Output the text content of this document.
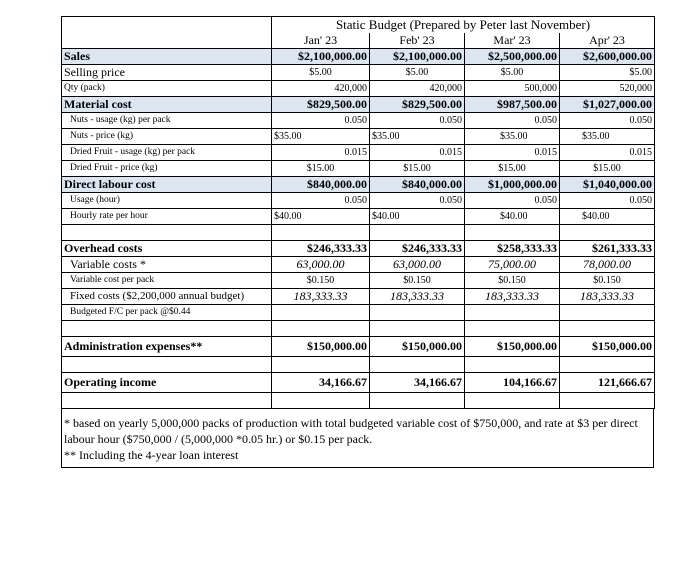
	Static Budget (Prepared by Peter last November)			
	Jan' 23	Feb' 23	Mar' 23	Apr' 23
Sales	$2,100,000.00	$2,100,000.00	$2,500,000.00	$2,600,000.00
Selling price	$5.00	$5.00	$5.00	$5.00
Qty (pack)	420,000	420,000	500,000	520,000
Material cost	$829,500.00	$829,500.00	$987,500.00	$1,027,000.00
Nuts - usage (kg) per pack	0.050	0.050	0.050	0.050
Nuts - price (kg)	$35.00	$35.00	$35.00	$35.00
Dried Fruit - usage (kg) per pack	0.015	0.015	0.015	0.015
Dried Fruit - price (kg)	$15.00	$15.00	$15.00	$15.00
Direct labour cost	$840,000.00	$840,000.00	$1,000,000.00	$1,040,000.00
Usage (hour)	0.050	0.050	0.050	0.050
Hourly rate per hour	$40.00	$40.00	$40.00	$40.00

Overhead costs	$246,333.33	$246,333.33	$258,333.33	$261,333.33
Variable costs *	63,000.00	63,000.00	75,000.00	78,000.00
Variable cost per pack	$0.150	$0.150	$0.150	$0.150
Fixed costs ($2,200,000 annual budget)	183,333.33	183,333.33	183,333.33	183,333.33
Budgeted F/C per pack @$0.44				

Administration expenses**	$150,000.00	$150,000.00	$150,000.00	$150,000.00

Operating income	34,166.67	34,166.67	104,166.67	121,666.67

* based on yearly 5,000,000 packs of production with total budgeted variable cost of $750,000, and rate at $3 per direct labour hour ($750,000 / (5,000,000 *0.05 hr.) or $0.15 per pack.

** Including the 4-year loan interest
